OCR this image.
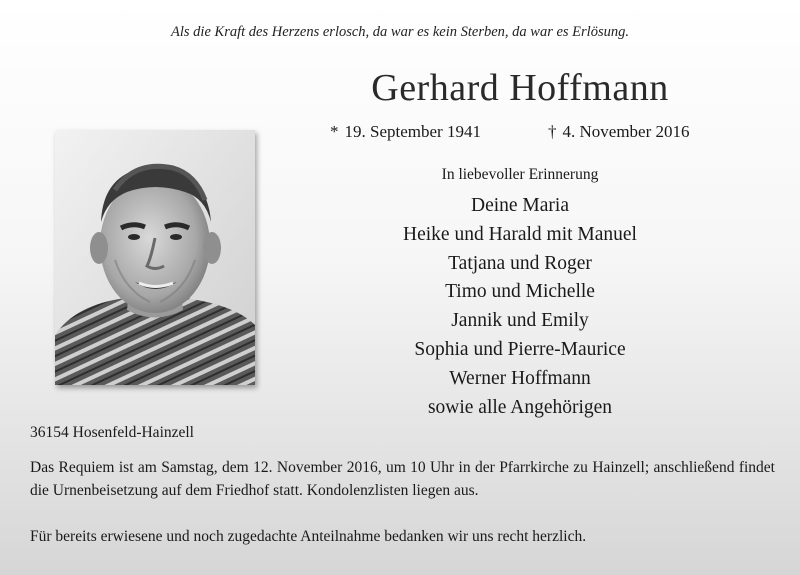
Als die Kraft des Herzens erlosch, da war es kein Sterben, da war es Erlösung.
Gerhard Hoffmann
* 19. September 1941	† 4. November 2016
In liebevoller Erinnerung
Deine Maria
Heike und Harald mit Manuel
Tatjana und Roger
Timo und Michelle
Jannik und Emily
Sophia und Pierre-Maurice
Werner Hoffmann
sowie alle Angehörigen
36154 Hosenfeld-Hainzell
Das Requiem ist am Samstag, dem 12. November 2016, um 10 Uhr in der Pfarrkirche zu Hainzell; anschließend findet die Urnenbeisetzung auf dem Friedhof statt. Kondolenzlisten liegen aus.
Für bereits erwiesene und noch zugedachte Anteilnahme bedanken wir uns recht herzlich.
